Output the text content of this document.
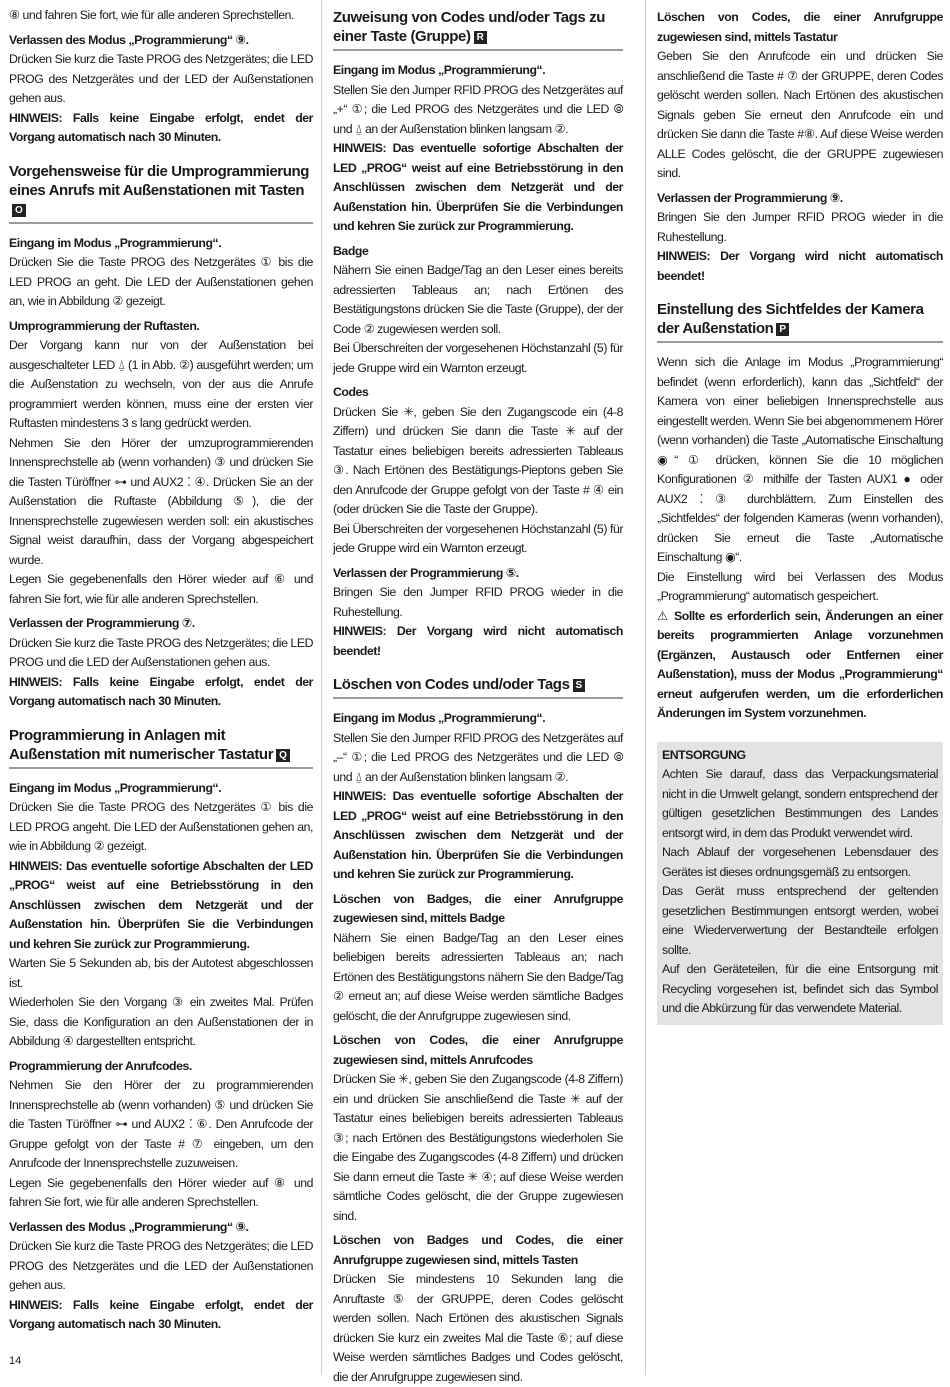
⑧ und fahren Sie fort, wie für alle anderen Sprechstellen.

Verlassen des Modus „Programmierung“ ⑨.

Drücken Sie kurz die Taste PROG des Netzgerätes; die LED PROG des Netzgerätes und der LED der Außenstationen gehen aus.

HINWEIS: Falls keine Eingabe erfolgt, endet der Vorgang automatisch nach 30 Minuten.

Vorgehensweise für die Umprogrammierung eines Anrufs mit Außenstationen mit TastenO

Eingang im Modus „Programmierung“.

Drücken Sie die Taste PROG des Netzgerätes ① bis die LED PROG an geht. Die LED der Außenstationen gehen an, wie in Abbildung ② gezeigt.

Umprogrammierung der Ruftasten.

Der Vorgang kann nur von der Außenstation bei ausgeschalteter LED ⍙ (1 in Abb. ②) ausgeführt werden; um die Außenstation zu wechseln, von der aus die Anrufe programmiert werden können, muss eine der ersten vier Ruftasten mindestens 3 s lang gedrückt werden.

Nehmen Sie den Hörer der umzuprogrammierenden Innensprechstelle ab (wenn vorhanden) ③ und drücken Sie die Tasten Türöffner ⊶ und AUX2 ⁚ ④. Drücken Sie an der Außenstation die Ruftaste (Abbildung ⑤), die der Innensprechstelle zugewiesen werden soll: ein akustisches Signal weist daraufhin, dass der Vorgang abgespeichert wurde.

Legen Sie gegebenenfalls den Hörer wieder auf ⑥ und fahren Sie fort, wie für alle anderen Sprechstellen.

Verlassen der Programmierung ⑦.

Drücken Sie kurz die Taste PROG des Netzgerätes; die LED PROG und die LED der Außenstationen gehen aus.

HINWEIS: Falls keine Eingabe erfolgt, endet der Vorgang automatisch nach 30 Minuten.

Programmierung in Anlagen mit Außenstation mit numerischer Tastatur Q

Eingang im Modus „Programmierung“.

Drücken Sie die Taste PROG des Netzgerätes ① bis die LED PROG angeht. Die LED der Außenstationen gehen an, wie in Abbildung ② gezeigt.

HINWEIS: Das eventuelle sofortige Abschalten der LED „PROG“ weist auf eine Betriebsstörung in den Anschlüssen zwischen dem Netzgerät und der Außenstation hin. Überprüfen Sie die Verbindungen und kehren Sie zurück zur Programmierung.

Warten Sie 5 Sekunden ab, bis der Autotest abgeschlossen ist.

Wiederholen Sie den Vorgang ③ ein zweites Mal. Prüfen Sie, dass die Konfiguration an den Außenstationen der in Abbildung ④ dargestellten entspricht.

Programmierung der Anrufcodes.

Nehmen Sie den Hörer der zu programmierenden Innensprechstelle ab (wenn vorhanden) ⑤ und drücken Sie die Tasten Türöffner ⊶ und AUX2 ⁚ ⑥. Den Anrufcode der Gruppe gefolgt von der Taste # ⑦ eingeben, um den Anrufcode der Innensprechstelle zuzuweisen.

Legen Sie gegebenenfalls den Hörer wieder auf ⑧ und fahren Sie fort, wie für alle anderen Sprechstellen.

Verlassen des Modus „Programmierung“ ⑨.

Drücken Sie kurz die Taste PROG des Netzgerätes; die LED PROG des Netzgerätes und die LED der Außenstationen gehen aus.

HINWEIS: Falls keine Eingabe erfolgt, endet der Vorgang automatisch nach 30 Minuten.

Zuweisung von Codes und/oder Tags zu einer Taste (Gruppe) R

Eingang im Modus „Programmierung“.

Stellen Sie den Jumper RFID PROG des Netzgerätes auf „+“ ①; die Led PROG des Netzgerätes und die LED ⦾ und ⍙ an der Außenstation blinken langsam ②.

HINWEIS: Das eventuelle sofortige Abschalten der LED „PROG“ weist auf eine Betriebsstörung in den Anschlüssen zwischen dem Netzgerät und der Außenstation hin. Überprüfen Sie die Verbindungen und kehren Sie zurück zur Programmierung.

Badge

Nähern Sie einen Badge/Tag an den Leser eines bereits adressierten Tableaus an; nach Ertönen des Bestätigungstons drücken Sie die Taste (Gruppe), der der Code ② zugewiesen werden soll.

Bei Überschreiten der vorgesehenen Höchstanzahl (5) für jede Gruppe wird ein Warnton erzeugt.

Codes

Drücken Sie ✳, geben Sie den Zugangscode ein (4-8 Ziffern) und drücken Sie dann die Taste ✳ auf der Tastatur eines beliebigen bereits adressierten Tableaus ③. Nach Ertönen des Bestätigungs-Pieptons geben Sie den Anrufcode der Gruppe gefolgt von der Taste # ④ ein (oder drücken Sie die Taste der Gruppe).

Bei Überschreiten der vorgesehenen Höchstanzahl (5) für jede Gruppe wird ein Warnton erzeugt.

Verlassen der Programmierung ⑤.

Bringen Sie den Jumper RFID PROG wieder in die Ruhestellung.

HINWEIS: Der Vorgang wird nicht automatisch beendet!

Löschen von Codes und/oder Tags S

Eingang im Modus „Programmierung“.

Stellen Sie den Jumper RFID PROG des Netzgerätes auf „–“ ①; die Led PROG des Netzgerätes und die LED ⦾ und ⍙ an der Außenstation blinken langsam ②.

HINWEIS: Das eventuelle sofortige Abschalten der LED „PROG“ weist auf eine Betriebsstörung in den Anschlüssen zwischen dem Netzgerät und der Außenstation hin. Überprüfen Sie die Verbindungen und kehren Sie zurück zur Programmierung.

Löschen von Badges, die einer Anrufgruppe zugewiesen sind, mittels Badge

Nähern Sie einen Badge/Tag an den Leser eines beliebigen bereits adressierten Tableaus an; nach Ertönen des Bestätigungstons nähern Sie den Badge/Tag ② erneut an; auf diese Weise werden sämtliche Badges gelöscht, die der Anrufgruppe zugewiesen sind.

Löschen von Codes, die einer Anrufgruppe zugewiesen sind, mittels Anrufcodes

Drücken Sie ✳, geben Sie den Zugangscode (4-8 Ziffern) ein und drücken Sie anschließend die Taste ✳ auf der Tastatur eines beliebigen bereits adressierten Tableaus ③; nach Ertönen des Bestätigungstons wiederholen Sie die Eingabe des Zugangscodes (4-8 Ziffern) und drücken Sie dann erneut die Taste ✳ ④; auf diese Weise werden sämtliche Codes gelöscht, die der Gruppe zugewiesen sind.

Löschen von Badges und Codes, die einer Anrufgruppe zugewiesen sind, mittels Tasten

Drücken Sie mindestens 10 Sekunden lang die Anruftaste ⑤ der GRUPPE, deren Codes gelöscht werden sollen. Nach Ertönen des akustischen Signals drücken Sie kurz ein zweites Mal die Taste ⑥; auf diese Weise werden sämtliches Badges und Codes gelöscht, die der Anrufgruppe zugewiesen sind.

Löschen von Codes, die einer Anrufgruppe zugewiesen sind, mittels Tastatur

Geben Sie den Anrufcode ein und drücken Sie anschließend die Taste # ⑦ der GRUPPE, deren Codes gelöscht werden sollen. Nach Ertönen des akustischen Signals geben Sie erneut den Anrufcode ein und drücken Sie dann die Taste #⑧. Auf diese Weise werden ALLE Codes gelöscht, die der GRUPPE zugewiesen sind.

Verlassen der Programmierung ⑨.

Bringen Sie den Jumper RFID PROG wieder in die Ruhestellung.

HINWEIS: Der Vorgang wird nicht automatisch beendet!

Einstellung des Sichtfeldes der Kamera der Außenstation P

Wenn sich die Anlage im Modus „Programmierung“ befindet (wenn erforderlich), kann das „Sichtfeld“ der Kamera von einer beliebigen Innensprechstelle aus eingestellt werden. Wenn Sie bei abgenommenem Hörer (wenn vorhanden) die Taste „Automatische Einschaltung ◉“ ① drücken, können Sie die 10 möglichen Konfigurationen ② mithilfe der Tasten AUX1 ● oder AUX2 ⁚ ③ durchblättern. Zum Einstellen des „Sichtfeldes“ der folgenden Kameras (wenn vorhanden), drücken Sie erneut die Taste „Automatische Einschaltung ◉“.

Die Einstellung wird bei Verlassen des Modus „Programmierung“ automatisch gespeichert.

⚠ Sollte es erforderlich sein, Änderungen an einer bereits programmierten Anlage vorzunehmen (Ergänzen, Austausch oder Entfernen einer Außenstation), muss der Modus „Programmierung“ erneut aufgerufen werden, um die erforderlichen Änderungen im System vorzunehmen.

ENTSORGUNG

Achten Sie darauf, dass das Verpackungsmaterial nicht in die Umwelt gelangt, sondern entsprechend der gültigen gesetzlichen Bestimmungen des Landes entsorgt wird, in dem das Produkt verwendet wird.

Nach Ablauf der vorgesehenen Lebensdauer des Gerätes ist dieses ordnungsgemäß zu entsorgen.

Das Gerät muss entsprechend der geltenden gesetzlichen Bestimmungen entsorgt werden, wobei eine Wiederverwertung der Bestandteile erfolgen sollte.

Auf den Geräteteilen, für die eine Entsorgung mit Recycling vorgesehen ist, befindet sich das Symbol und die Abkürzung für das verwendete Material.

14
